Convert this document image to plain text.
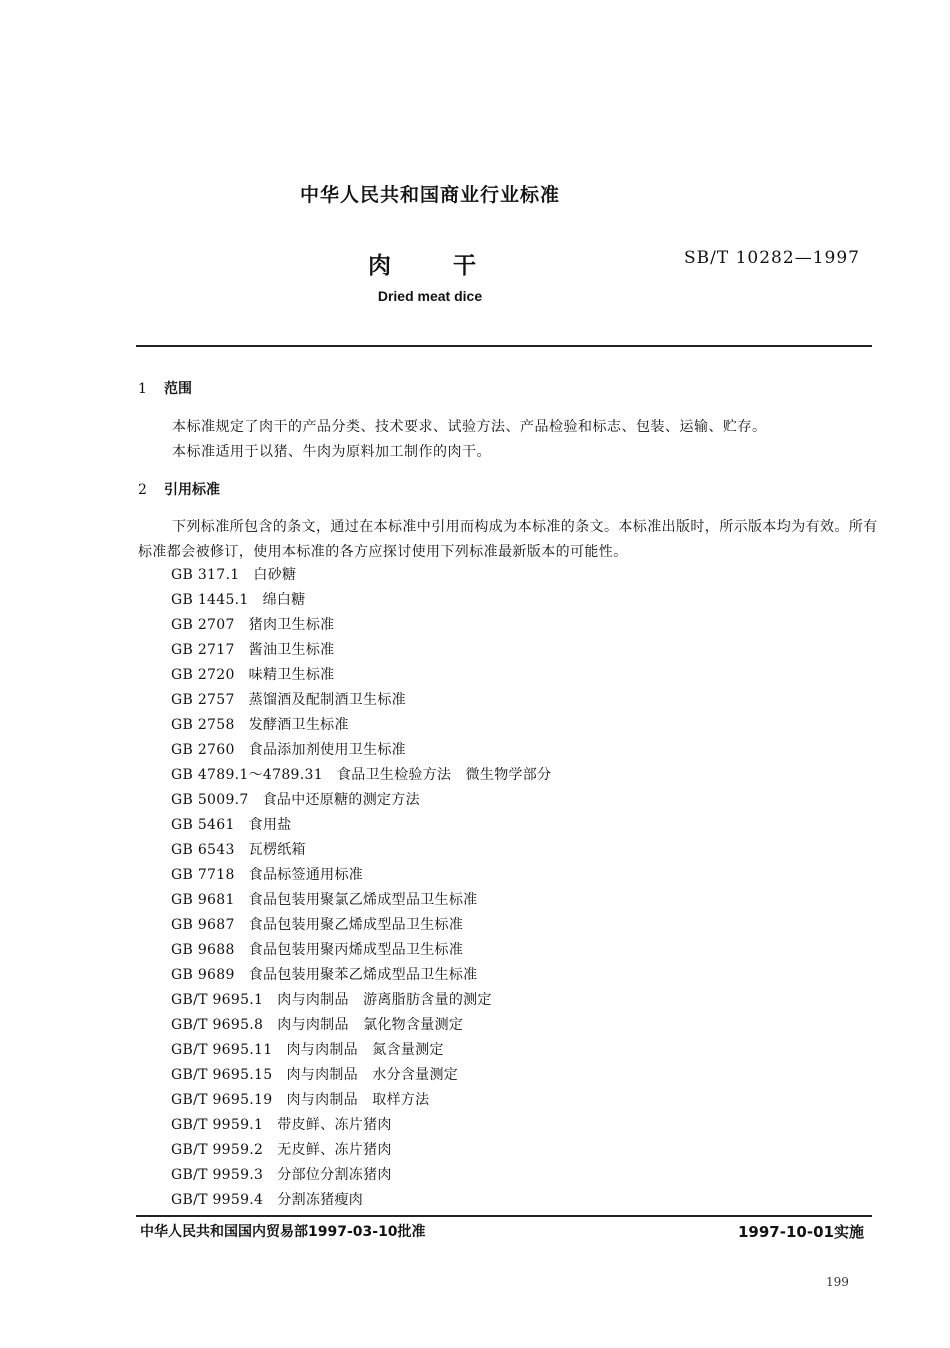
中华人民共和国商业行业标准
肉	干	SB/T 10282—1997
Dried meat dice
1 范围
本标准规定了肉干的产品分类、技术要求、试验方法、产品检验和标志、包装、运输、贮存。
本标准适用于以猪、牛肉为原料加工制作的肉干。
2 引用标准
下列标准所包含的条文，通过在本标准中引用而构成为本标准的条文。本标准出版时，所示版本均为有效。所有标准都会被修订，使用本标准的各方应探讨使用下列标准最新版本的可能性。
GB 317.1 白砂糖
GB 1445.1 绵白糖
GB 2707 猪肉卫生标准
GB 2717 酱油卫生标准
GB 2720 味精卫生标准
GB 2757 蒸馏酒及配制酒卫生标准
GB 2758 发酵酒卫生标准
GB 2760 食品添加剂使用卫生标准
GB 4789.1～4789.31 食品卫生检验方法　微生物学部分
GB 5009.7 食品中还原糖的测定方法
GB 5461 食用盐
GB 6543 瓦楞纸箱
GB 7718 食品标签通用标准
GB 9681 食品包装用聚氯乙烯成型品卫生标准
GB 9687 食品包装用聚乙烯成型品卫生标准
GB 9688 食品包装用聚丙烯成型品卫生标准
GB 9689 食品包装用聚苯乙烯成型品卫生标准
GB/T 9695.1 肉与肉制品　游离脂肪含量的测定
GB/T 9695.8 肉与肉制品　氯化物含量测定
GB/T 9695.11 肉与肉制品　氮含量测定
GB/T 9695.15 肉与肉制品　水分含量测定
GB/T 9695.19 肉与肉制品　取样方法
GB/T 9959.1 带皮鲜、冻片猪肉
GB/T 9959.2 无皮鲜、冻片猪肉
GB/T 9959.3 分部位分割冻猪肉
GB/T 9959.4 分割冻猪瘦肉
中华人民共和国国内贸易部1997-03-10批准	1997-10-01实施
199
